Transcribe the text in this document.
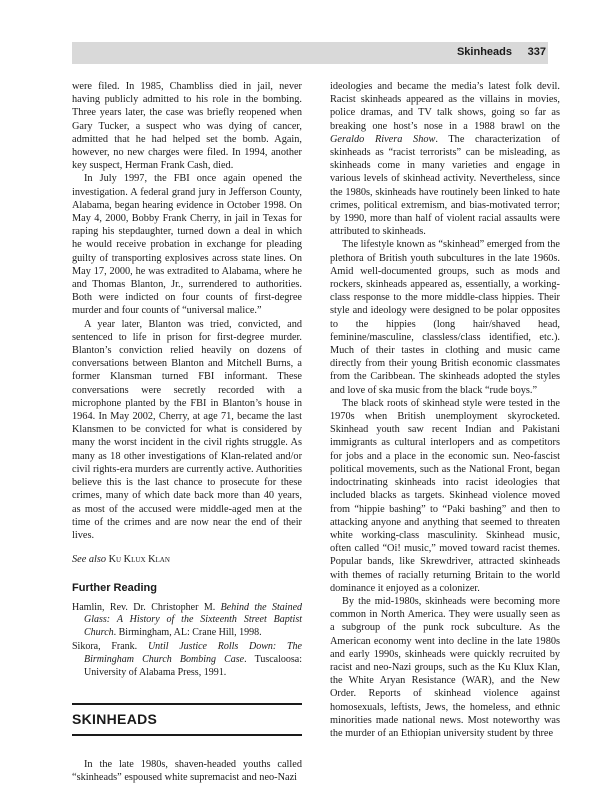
Skinheads 337

were filed. In 1985, Chambliss died in jail, never having publicly admitted to his role in the bombing. Three years later, the case was briefly reopened when Gary Tucker, a suspect who was dying of cancer, admitted that he had helped set the bomb. Again, however, no new charges were filed. In 1994, another key suspect, Herman Frank Cash, died.

In July 1997, the FBI once again opened the investigation. A federal grand jury in Jefferson County, Alabama, began hearing evidence in October 1998. On May 4, 2000, Bobby Frank Cherry, in jail in Texas for raping his stepdaughter, turned down a deal in which he would receive probation in exchange for pleading guilty of transporting explosives across state lines. On May 17, 2000, he was extradited to Alabama, where he and Thomas Blanton, Jr., surrendered to authorities. Both were indicted on four counts of first-degree murder and four counts of “universal malice.”

A year later, Blanton was tried, convicted, and sentenced to life in prison for first-degree murder. Blanton’s conviction relied heavily on dozens of conversations between Blanton and Mitchell Burns, a former Klansman turned FBI informant. These conversations were secretly recorded with a microphone planted by the FBI in Blanton’s house in 1964. In May 2002, Cherry, at age 71, became the last Klansmen to be convicted for what is considered by many the worst incident in the civil rights struggle. As many as 18 other investigations of Klan-related and/or civil rights-era murders are currently active. Authorities believe this is the last chance to prosecute for these crimes, many of which date back more than 40 years, as most of the accused were middle-aged men at the time of the crimes and are now near the end of their lives.

See also Ku Klux Klan

Further Reading

Hamlin, Rev. Dr. Christopher M. Behind the Stained Glass: A History of the Sixteenth Street Baptist Church. Birmingham, AL: Crane Hill, 1998.

Sikora, Frank. Until Justice Rolls Down: The Birmingham Church Bombing Case. Tuscaloosa: University of Alabama Press, 1991.

SKINHEADS

In the late 1980s, shaven-headed youths called “skinheads” espoused white supremacist and neo-Nazi

ideologies and became the media’s latest folk devil. Racist skinheads appeared as the villains in movies, police dramas, and TV talk shows, going so far as breaking one host’s nose in a 1988 brawl on the Geraldo Rivera Show. The characterization of skinheads as “racist terrorists” can be misleading, as skinheads come in many varieties and engage in various levels of skinhead activity. Nevertheless, since the 1980s, skinheads have routinely been linked to hate crimes, political extremism, and bias-motivated terror; by 1990, more than half of violent racial assaults were attributed to skinheads.

The lifestyle known as “skinhead” emerged from the plethora of British youth subcultures in the late 1960s. Amid well-documented groups, such as mods and rockers, skinheads appeared as, essentially, a working-class response to the more middle-class hippies. Their style and ideology were designed to be polar opposites to the hippies (long hair/shaved head, feminine/masculine, classless/class identified, etc.). Much of their tastes in clothing and music came directly from their young British economic classmates from the Caribbean. The skinheads adopted the styles and love of ska music from the black “rude boys.”

The black roots of skinhead style were tested in the 1970s when British unemployment skyrocketed. Skinhead youth saw recent Indian and Pakistani immigrants as cultural interlopers and as competitors for jobs and a place in the economic sun. Neo-fascist political movements, such as the National Front, began indoctrinating skinheads into racist ideologies that included blacks as targets. Skinhead violence moved from “hippie bashing” to “Paki bashing” and then to attacking anyone and anything that seemed to threaten white working-class masculinity. Skinhead music, often called “Oi! music,” moved toward racist themes. Popular bands, like Skrewdriver, attracted skinheads with themes of racially returning Britain to the world dominance it enjoyed as a colonizer.

By the mid-1980s, skinheads were becoming more common in North America. They were usually seen as a subgroup of the punk rock subculture. As the American economy went into decline in the late 1980s and early 1990s, skinheads were quickly recruited by racist and neo-Nazi groups, such as the Ku Klux Klan, the White Aryan Resistance (WAR), and the New Order. Reports of skinhead violence against homosexuals, leftists, Jews, the homeless, and ethnic minorities made national news. Most noteworthy was the murder of an Ethiopian university student by three
